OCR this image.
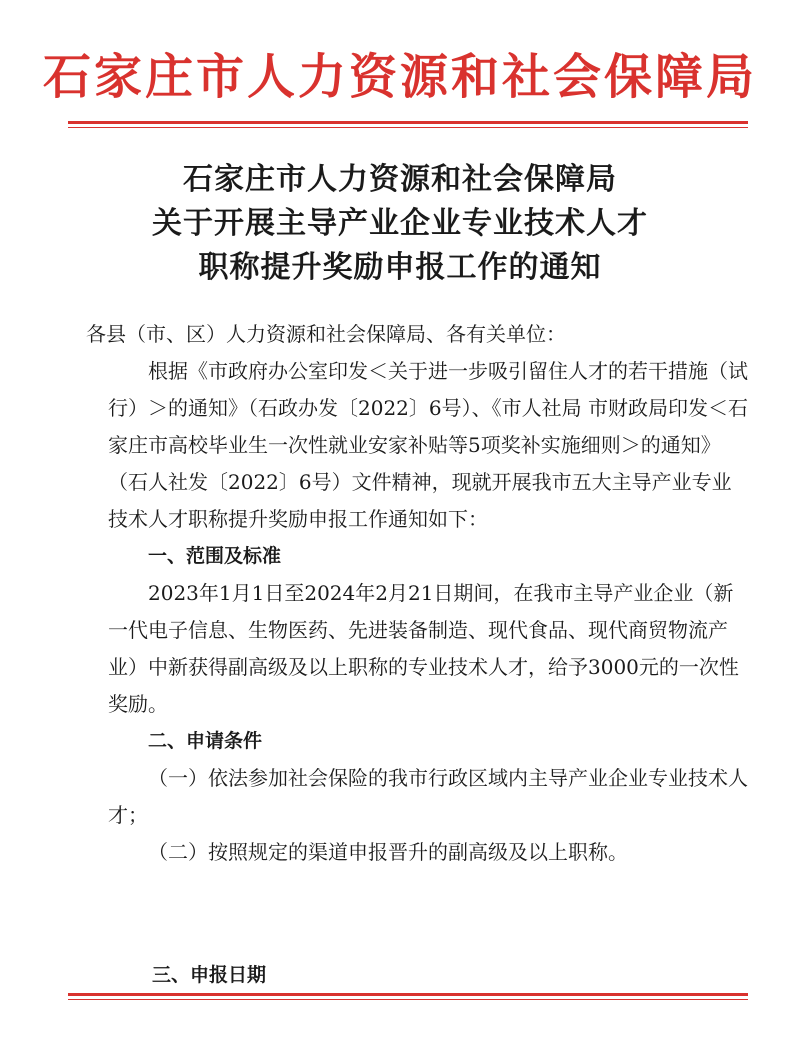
石家庄市人力资源和社会保障局
石家庄市人力资源和社会保障局
关于开展主导产业企业专业技术人才
职称提升奖励申报工作的通知

各县（市、区）人力资源和社会保障局、各有关单位：

根据《市政府办公室印发＜关于进一步吸引留住人才的若干措施（试行）＞的通知》（石政办发〔2022〕6号）、《市人社局 市财政局印发＜石家庄市高校毕业生一次性就业安家补贴等5项奖补实施细则＞的通知》（石人社发〔2022〕6号）文件精神，现就开展我市五大主导产业专业技术人才职称提升奖励申报工作通知如下：

一、范围及标准

2023年1月1日至2024年2月21日期间，在我市主导产业企业（新一代电子信息、生物医药、先进装备制造、现代食品、现代商贸物流产业）中新获得副高级及以上职称的专业技术人才，给予3000元的一次性奖励。

二、申请条件

（一）依法参加社会保险的我市行政区域内主导产业企业专业技术人才；

（二）按照规定的渠道申报晋升的副高级及以上职称。

三、申报日期
